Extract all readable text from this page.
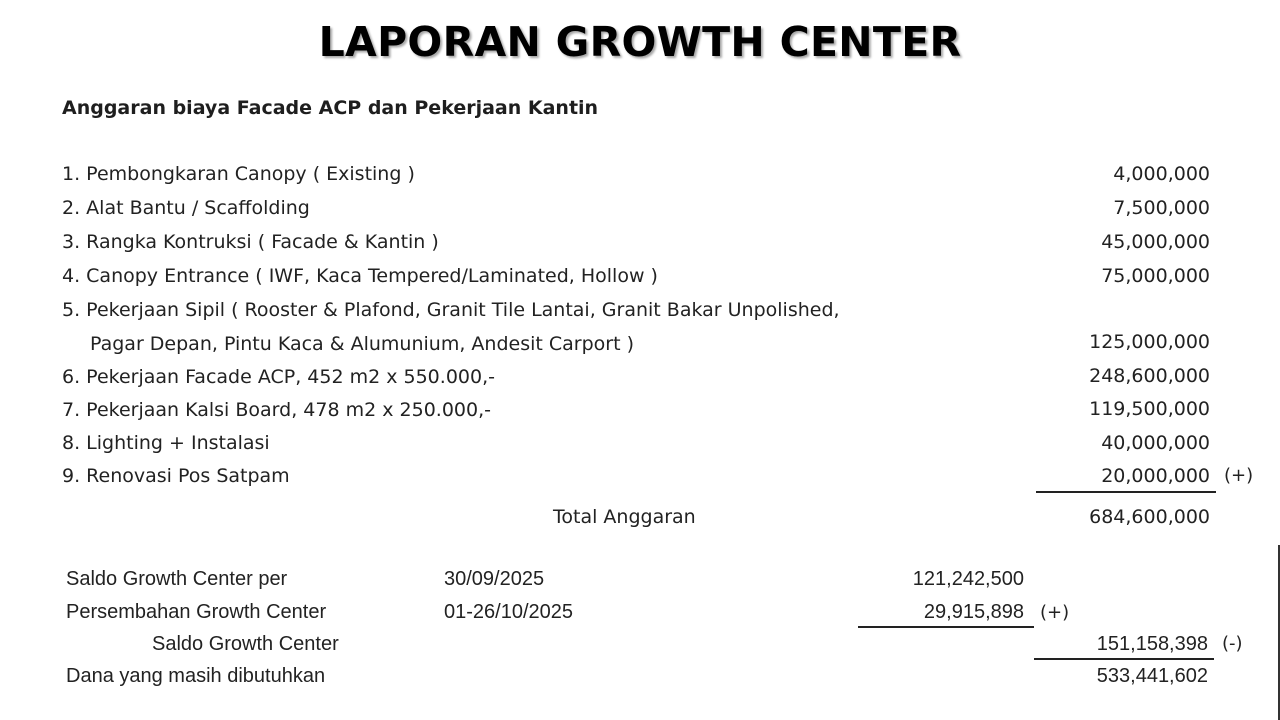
LAPORAN GROWTH CENTER
Anggaran biaya Facade ACP dan Pekerjaan Kantin
1. Pembongkaran Canopy ( Existing )	4,000,000
2. Alat Bantu / Scaffolding	7,500,000
3. Rangka Kontruksi ( Facade & Kantin )	45,000,000
4. Canopy Entrance ( IWF, Kaca Tempered/Laminated, Hollow )	75,000,000
5. Pekerjaan Sipil ( Rooster & Plafond, Granit Tile Lantai, Granit Bakar Unpolished,
Pagar Depan, Pintu Kaca & Alumunium, Andesit Carport )	125,000,000
6. Pekerjaan Facade ACP, 452 m2 x 550.000,-	248,600,000
7. Pekerjaan Kalsi Board, 478 m2 x 250.000,-	119,500,000
8. Lighting + Instalasi	40,000,000
9. Renovasi Pos Satpam	20,000,000 (+)
Total Anggaran	684,600,000
Saldo Growth Center per	30/09/2025	121,242,500
Persembahan Growth Center	01-26/10/2025	29,915,898 (+)
Saldo Growth Center	151,158,398 (-)
Dana yang masih dibutuhkan	533,441,602
